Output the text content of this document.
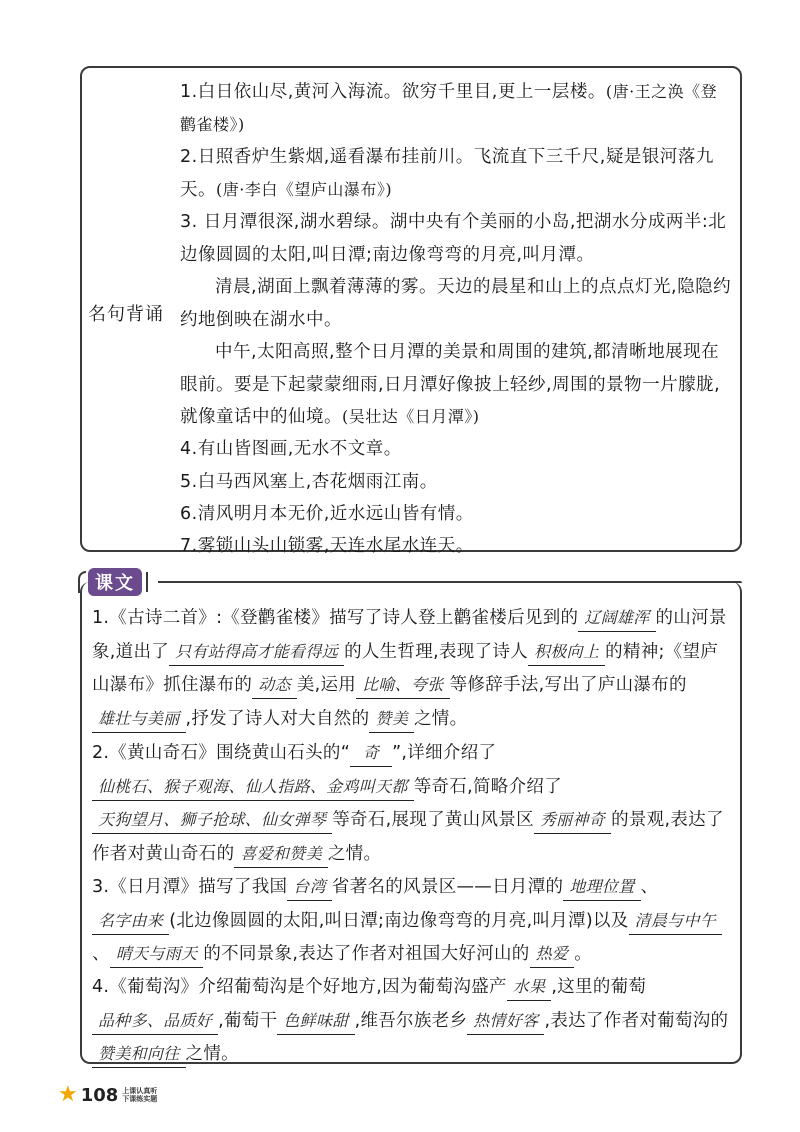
名句背诵

1.白日依山尽,黄河入海流。欲穷千里目,更上一层楼。(唐·王之涣《登鹳雀楼》)

2.日照香炉生紫烟,遥看瀑布挂前川。飞流直下三千尺,疑是银河落九天。(唐·李白《望庐山瀑布》)

3. 日月潭很深,湖水碧绿。湖中央有个美丽的小岛,把湖水分成两半:北边像圆圆的太阳,叫日潭;南边像弯弯的月亮,叫月潭。

清晨,湖面上飘着薄薄的雾。天边的晨星和山上的点点灯光,隐隐约约地倒映在湖水中。

中午,太阳高照,整个日月潭的美景和周围的建筑,都清晰地展现在眼前。要是下起蒙蒙细雨,日月潭好像披上轻纱,周围的景物一片朦胧,就像童话中的仙境。(吴壮达《日月潭》)

4.有山皆图画,无水不文章。

5.白马西风塞上,杏花烟雨江南。

6.清风明月本无价,近水远山皆有情。

7.雾锁山头山锁雾,天连水尾水连天。

课文

1.《古诗二首》:《登鹳雀楼》描写了诗人登上鹳雀楼后见到的 辽阔雄浑 的山河景象,道出了 只有站得高才能看得远 的人生哲理,表现了诗人 积极向上 的精神;《望庐山瀑布》抓住瀑布的 动态 美,运用 比喻、夸张 等修辞手法,写出了庐山瀑布的雄壮与美丽 ,抒发了诗人对大自然的 赞美 之情。

2.《黄山奇石》围绕黄山石头的“ 奇 ”,详细介绍了仙桃石、猴子观海、仙人指路、金鸡叫天都 等奇石,简略介绍了天狗望月、狮子抢球、仙女弹琴 等奇石,展现了黄山风景区 秀丽神奇 的景观,表达了作者对黄山奇石的 喜爱和赞美 之情。

3.《日月潭》描写了我国 台湾 省著名的风景区——日月潭的 地理位置 、名字由来 (北边像圆圆的太阳,叫日潭;南边像弯弯的月亮,叫月潭)以及 清晨与中午、 晴天与雨天 的不同景象,表达了作者对祖国大好河山的 热爱 。

4.《葡萄沟》介绍葡萄沟是个好地方,因为葡萄沟盛产 水果 ,这里的葡萄品种多、品质好 ,葡萄干 色鲜味甜 ,维吾尔族老乡 热情好客 ,表达了作者对葡萄沟的赞美和向往 之情。

★ 108 上课认真听
下课练实题
